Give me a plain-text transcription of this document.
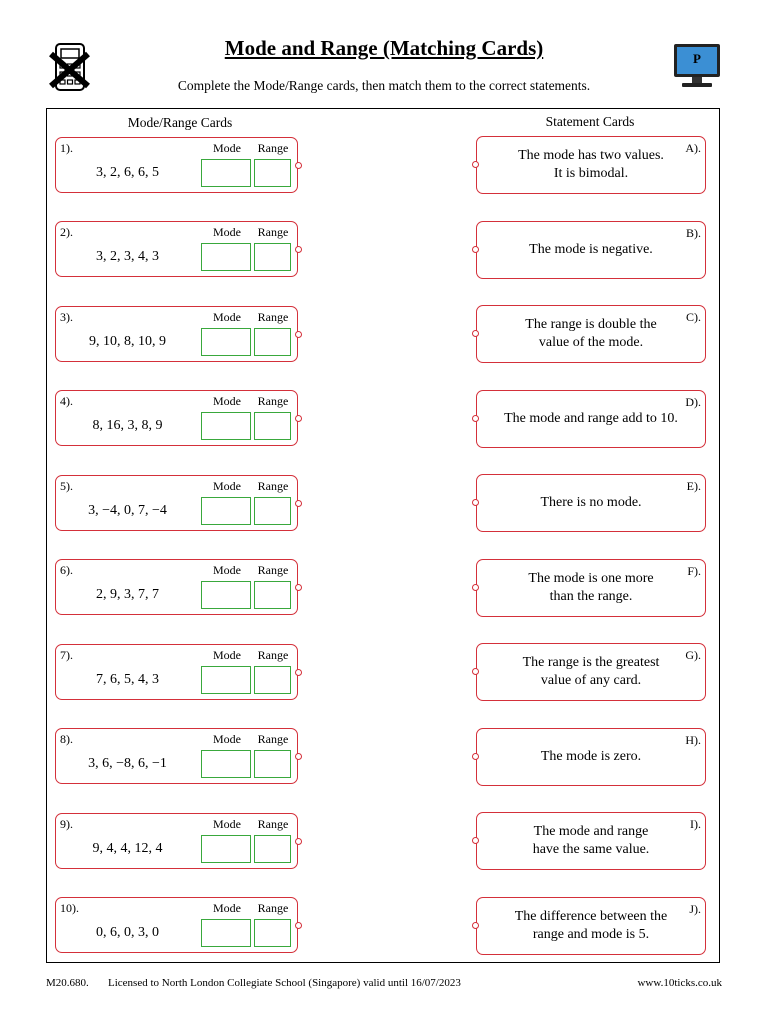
Mode and Range (Matching Cards)
Complete the Mode/Range cards, then match them to the correct statements.
P
Mode/Range Cards	Statement Cards
1).
3, 2, 6, 6, 5
Mode	Range
2).
3, 2, 3, 4, 3
Mode	Range
3).
9, 10, 8, 10, 9
Mode	Range
4).
8, 16, 3, 8, 9
Mode	Range
5).
3, −4, 0, 7, −4
Mode	Range
6).
2, 9, 3, 7, 7
Mode	Range
7).
7, 6, 5, 4, 3
Mode	Range
8).
3, 6, −8, 6, −1
Mode	Range
9).
9, 4, 4, 12, 4
Mode	Range
10).
0, 6, 0, 3, 0
Mode	Range
A).
The mode has two values.
It is bimodal.
B).
The mode is negative.
C).
The range is double the
value of the mode.
D).
The mode and range add to 10.
E).
There is no mode.
F).
The mode is one more
than the range.
G).
The range is the greatest
value of any card.
H).
The mode is zero.
I).
The mode and range
have the same value.
J).
The difference between the
range and mode is 5.
M20.680. Licensed to North London Collegiate School (Singapore) valid until 16/07/2023	www.10ticks.co.uk
